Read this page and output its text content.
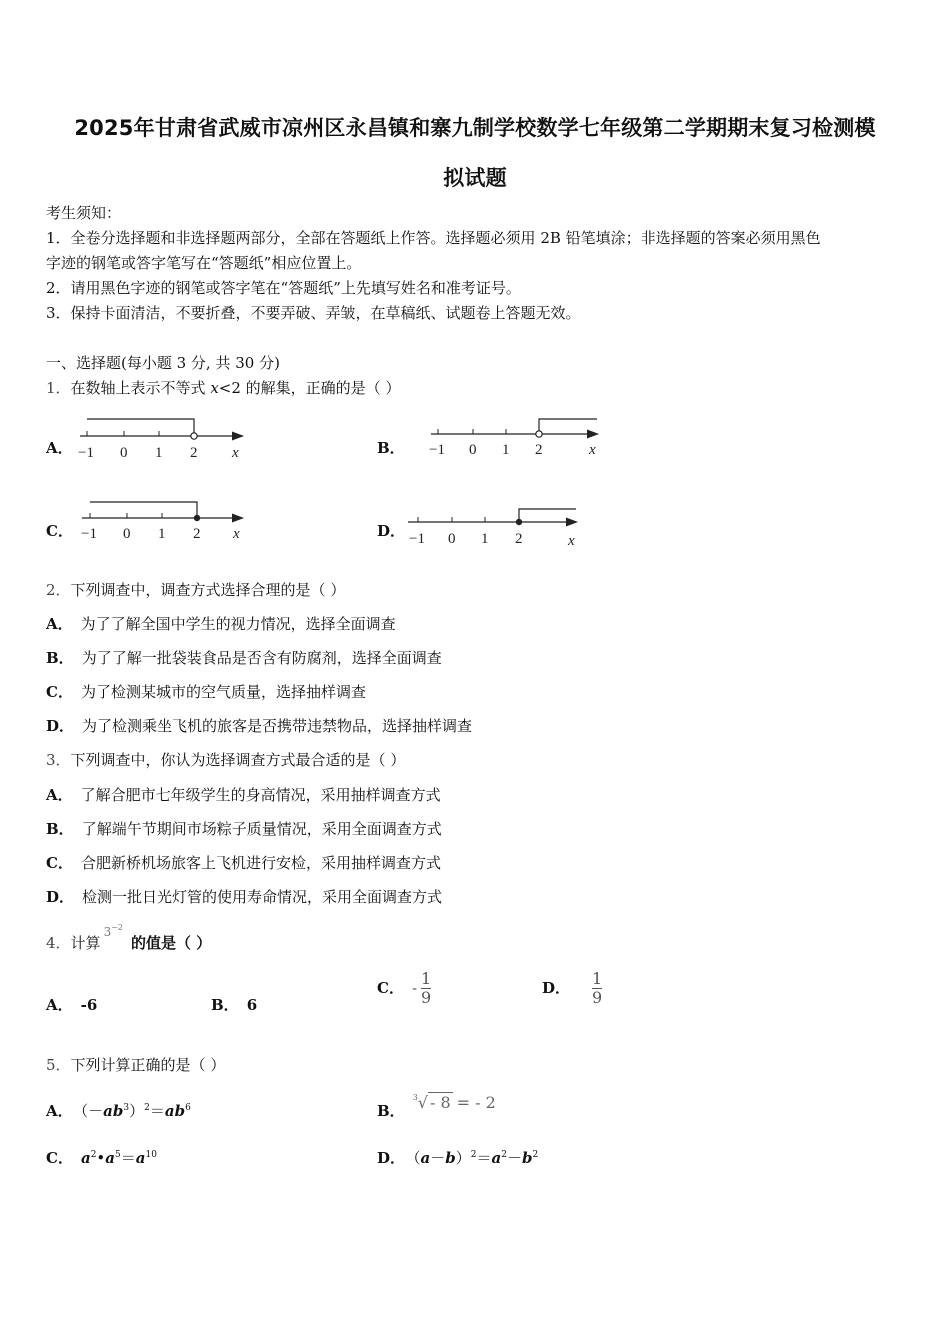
2025年甘肃省武威市凉州区永昌镇和寨九制学校数学七年级第二学期期末复习检测模
拟试题
考生须知：
1．全卷分选择题和非选择题两部分，全部在答题纸上作答。选择题必须用 2B 铅笔填涂；非选择题的答案必须用黑色
字迹的钢笔或答字笔写在“答题纸”相应位置上。
2．请用黑色字迹的钢笔或答字笔在“答题纸”上先填写姓名和准考证号。
3．保持卡面清洁，不要折叠，不要弄破、弄皱，在草稿纸、试题卷上答题无效。
一、选择题(每小题 3 分, 共 30 分)
1．在数轴上表示不等式 x<2 的解集，正确的是（ ）
A． −1 0 1 2 x	B．	−1 0 1 2	x
C． −1 0 1 2 x	D． −1 0 1 2	x
2．下列调查中，调查方式选择合理的是（ ）
A． 为了了解全国中学生的视力情况，选择全面调查
B． 为了了解一批袋装食品是否含有防腐剂，选择全面调查
C． 为了检测某城市的空气质量，选择抽样调查
D． 为了检测乘坐飞机的旅客是否携带违禁物品，选择抽样调查
3．下列调查中，你认为选择调查方式最合适的是（ ）
A． 了解合肥市七年级学生的身高情况，采用抽样调查方式
B． 了解端午节期间市场粽子质量情况，采用全面调查方式
C． 合肥新桥机场旅客上飞机进行安检，采用抽样调查方式
D． 检测一批日光灯管的使用寿命情况，采用全面调查方式
4．计算$^{3-2}$的值是（ ）
A． -6	B． 6
C． - $\frac{1}{9}$	D． $\frac{1}{9}$
5．下列计算正确的是（ ）
A． $(-ab^3)^2=ab^6$	B．$^3$√ - 8 = - 2
C． $a^2•a^5=a^{10}$	D． $(a-b)^2=a^2-b^2$
